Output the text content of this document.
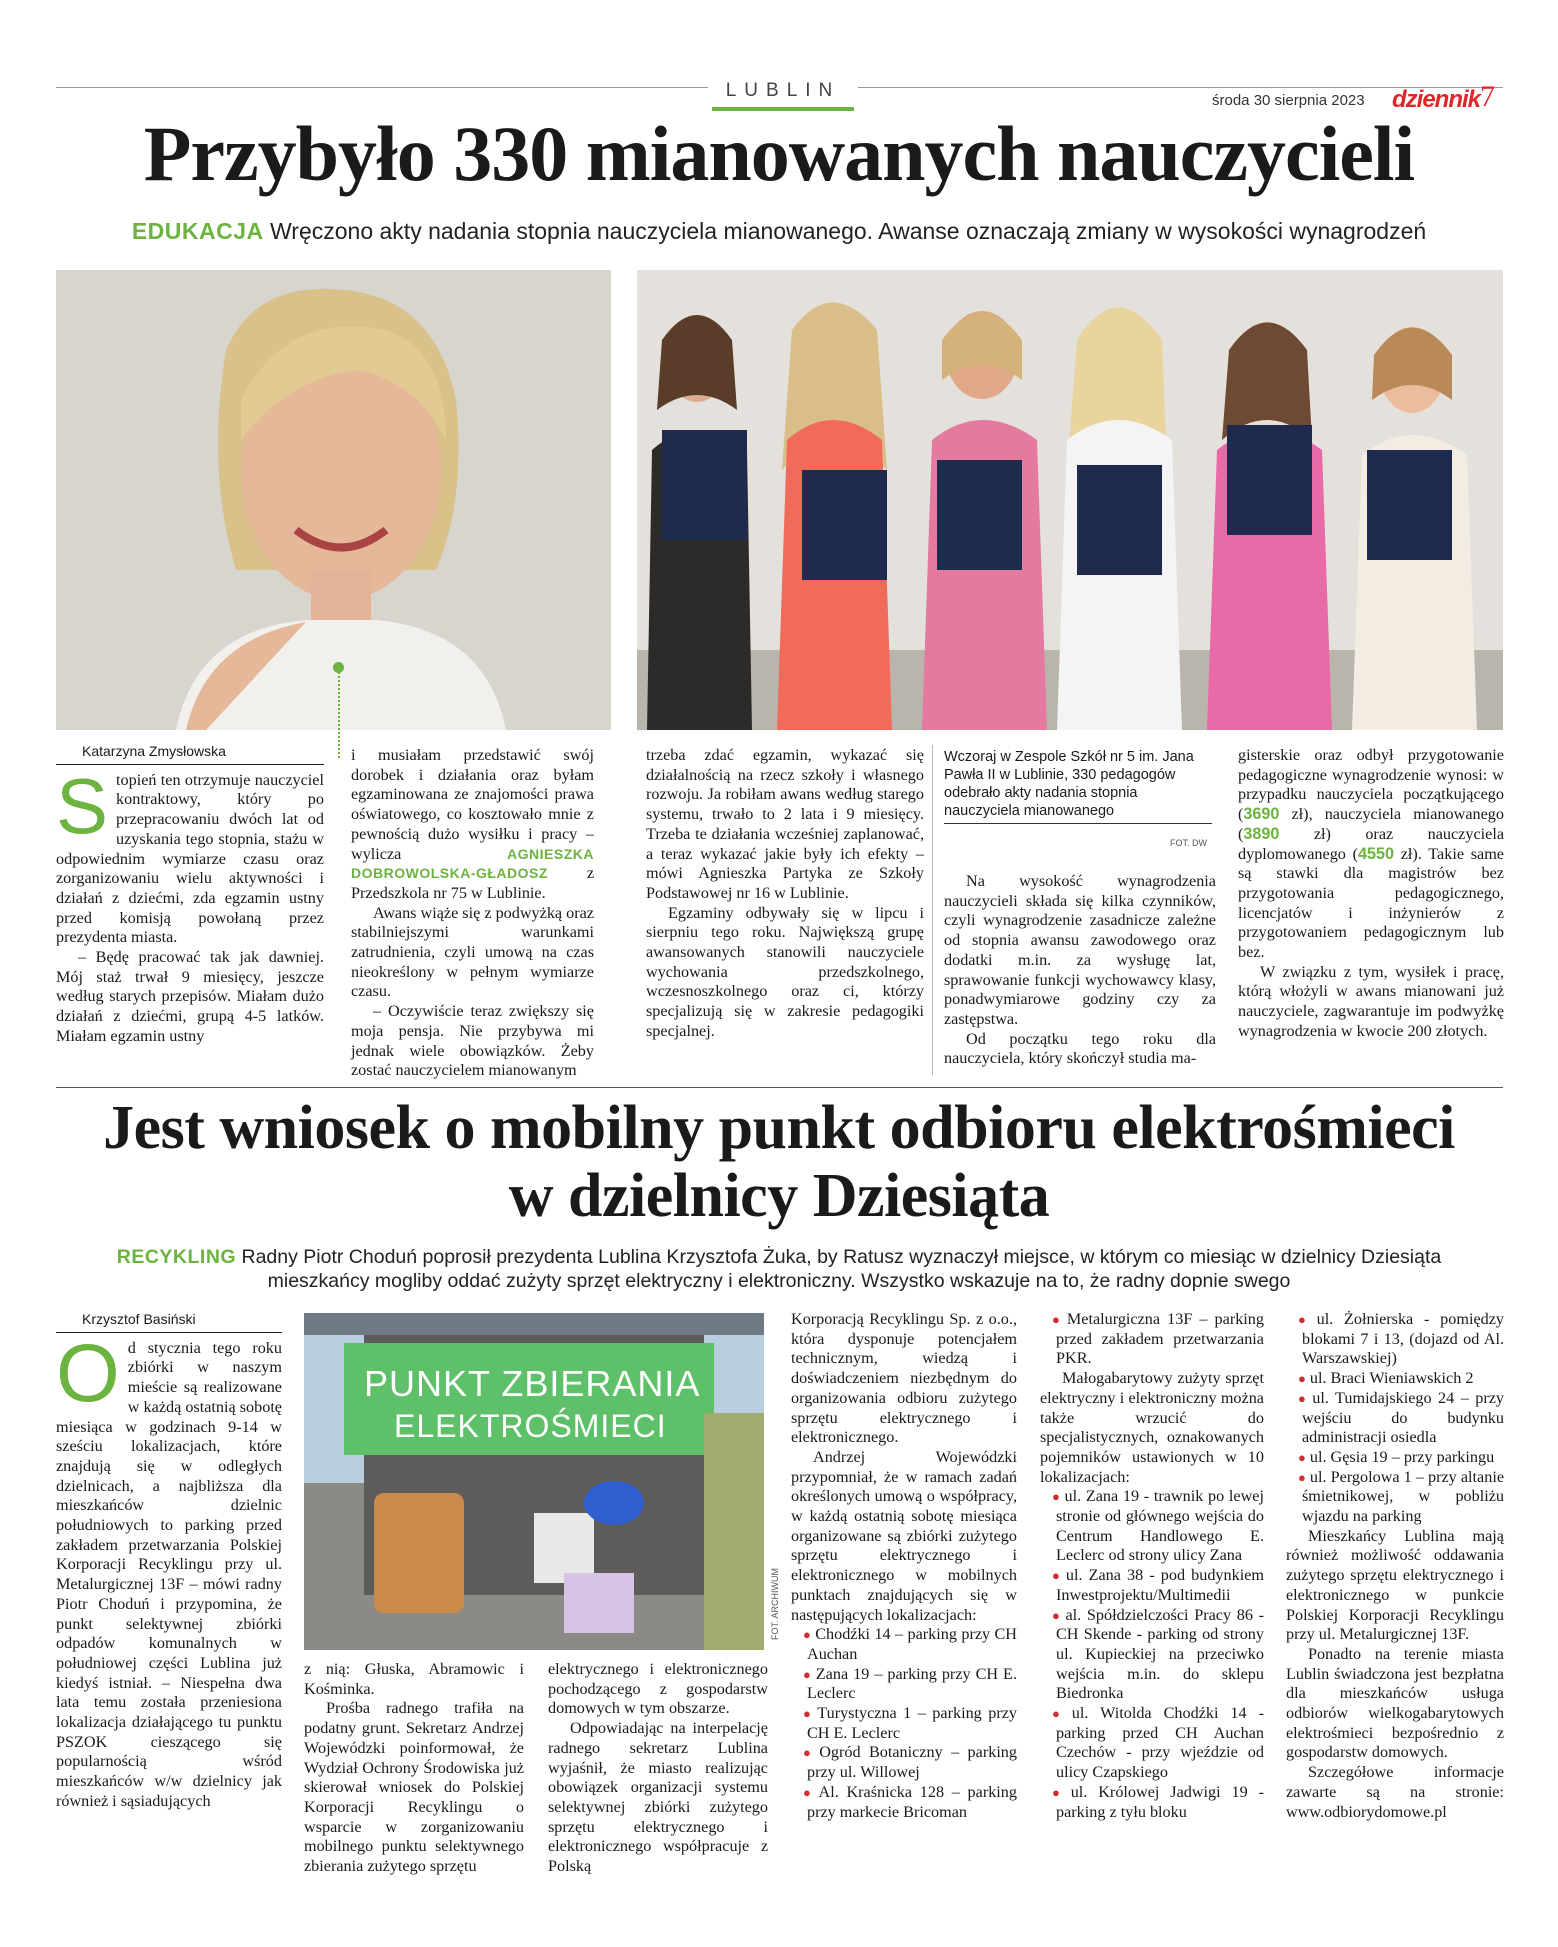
LUBLIN	środa 30 sierpnia 2023 dziennik 7
Przybyło 330 mianowanych nauczycieli
EDUKACJA Wręczono akty nadania stopnia nauczyciela mianowanego. Awanse oznaczają zmiany w wysokości wynagrodzeń
Katarzyna Zmysłowska

Stopień ten otrzymuje nauczyciel kontraktowy, który po przepracowaniu dwóch lat od uzyskania tego stopnia, stażu w odpowiednim wymiarze czasu oraz zorganizowaniu wielu aktywności i działań z dziećmi, zda egzamin ustny przed komisją powołaną przez prezydenta miasta.

– Będę pracować tak jak dawniej. Mój staż trwał 9 miesięcy, jeszcze według starych przepisów. Miałam dużo działań z dziećmi, grupą 4-5 latków. Miałam egzamin ustny

i musiałam przedstawić swój dorobek i działania oraz byłam egzaminowana ze znajomości prawa oświatowego, co kosztowało mnie z pewnością dużo wysiłku i pracy – wylicza AGNIESZKA DOBROWOLSKA-GŁADOSZ z Przedszkola nr 75 w Lublinie.

Awans wiąże się z podwyżką oraz stabilniejszymi warunkami zatrudnienia, czyli umową na czas nieokreślony w pełnym wymiarze czasu.

– Oczywiście teraz zwiększy się moja pensja. Nie przybywa mi jednak wiele obowiązków. Żeby zostać nauczycielem mianowanym

trzeba zdać egzamin, wykazać się działalnością na rzecz szkoły i własnego rozwoju. Ja robiłam awans według starego systemu, trwało to 2 lata i 9 miesięcy. Trzeba te działania wcześniej zaplanować, a teraz wykazać jakie były ich efekty – mówi Agnieszka Partyka ze Szkoły Podstawowej nr 16 w Lublinie.

Egzaminy odbywały się w lipcu i sierpniu tego roku. Największą grupę awansowanych stanowili nauczyciele wychowania przedszkolnego, wczesnoszkolnego oraz ci, którzy specjalizują się w zakresie pedagogiki specjalnej.

Wczoraj w Zespole Szkół nr 5 im. Jana Pawła II w Lublinie, 330 pedagogów odebrało akty nadania stopnia nauczyciela mianowanego
FOT. DW

Na wysokość wynagrodzenia nauczycieli składa się kilka czynników, czyli wynagrodzenie zasadnicze zależne od stopnia awansu zawodowego oraz dodatki m.in. za wysługę lat, sprawowanie funkcji wychowawcy klasy, ponadwymiarowe godziny czy za zastępstwa.

Od początku tego roku dla nauczyciela, który skończył studia ma-

gisterskie oraz odbył przygotowanie pedagogiczne wynagrodzenie wynosi: w przypadku nauczyciela początkującego (3690 zł), nauczyciela mianowanego (3890 zł) oraz nauczyciela dyplomowanego (4550 zł). Takie same są stawki dla magistrów bez przygotowania pedagogicznego, licencjatów i inżynierów z przygotowaniem pedagogicznym lub bez.

W związku z tym, wysiłek i pracę, którą włożyli w awans mianowani już nauczyciele, zagwarantuje im podwyżkę wynagrodzenia w kwocie 200 złotych.

Jest wniosek o mobilny punkt odbioru elektrośmieci
w dzielnicy Dziesiąta
RECYKLING Radny Piotr Choduń poprosił prezydenta Lublina Krzysztofa Żuka, by Ratusz wyznaczył miejsce, w którym co miesiąc w dzielnicy Dziesiąta
mieszkańcy mogliby oddać zużyty sprzęt elektryczny i elektroniczny. Wszystko wskazuje na to, że radny dopnie swego
PUNKT ZBIERANIA
ELEKTROŚMIECI
FOT. ARCHIWUM
Krzysztof Basiński

Od stycznia tego roku zbiórki w naszym mieście są realizowane w każdą ostatnią sobotę miesiąca w godzinach 9-14 w sześciu lokalizacjach, które znajdują się w odległych dzielnicach, a najbliższa dla mieszkańców dzielnic południowych to parking przed zakładem przetwarzania Polskiej Korporacji Recyklingu przy ul. Metalurgicznej 13F – mówi radny Piotr Choduń i przypomina, że punkt selektywnej zbiórki odpadów komunalnych w południowej części Lublina już kiedyś istniał. – Niespełna dwa lata temu została przeniesiona lokalizacja działającego tu punktu PSZOK cieszącego się popularnością wśród mieszkańców w/w dzielnicy jak również i sąsiadujących

z nią: Głuska, Abramowic i Kośminka.

Prośba radnego trafiła na podatny grunt. Sekretarz Andrzej Wojewódzki poinformował, że Wydział Ochrony Środowiska już skierował wniosek do Polskiej Korporacji Recyklingu o wsparcie w zorganizowaniu mobilnego punktu selektywnego zbierania zużytego sprzętu

elektrycznego i elektronicznego pochodzącego z gospodarstw domowych w tym obszarze.

Odpowiadając na interpelację radnego sekretarz Lublina wyjaśnił, że miasto realizując obowiązek organizacji systemu selektywnej zbiórki zużytego sprzętu elektrycznego i elektronicznego współpracuje z Polską

Korporacją Recyklingu Sp. z o.o., która dysponuje potencjałem technicznym, wiedzą i doświadczeniem niezbędnym do organizowania odbioru zużytego sprzętu elektrycznego i elektronicznego.

Andrzej Wojewódzki przypomniał, że w ramach zadań określonych umową o współpracy, w każdą ostatnią sobotę miesiąca organizowane są zbiórki zużytego sprzętu elektrycznego i elektronicznego w mobilnych punktach znajdujących się w następujących lokalizacjach:

● Chodźki 14 – parking przy CH Auchan

● Zana 19 – parking przy CH E. Leclerc

● Turystyczna 1 – parking przy CH E. Leclerc

● Ogród Botaniczny – parking przy ul. Willowej

● Al. Kraśnicka 128 – parking przy markecie Bricoman

● Metalurgiczna 13F – parking przed zakładem przetwarzania PKR.

Małogabarytowy zużyty sprzęt elektryczny i elektroniczny można także wrzucić do specjalistycznych, oznakowanych pojemników ustawionych w 10 lokalizacjach:

● ul. Zana 19 - trawnik po lewej stronie od głównego wejścia do Centrum Handlowego E. Leclerc od strony ulicy Zana

● ul. Zana 38 - pod budynkiem Inwestprojektu/Multimedii

● al. Spółdzielczości Pracy 86 - CH Skende - parking od strony ul. Kupieckiej na przeciwko wejścia m.in. do sklepu Biedronka

● ul. Witolda Chodźki 14 - parking przed CH Auchan Czechów - przy wjeździe od ulicy Czapskiego

● ul. Królowej Jadwigi 19 - parking z tyłu bloku

● ul. Żołnierska - pomiędzy blokami 7 i 13, (dojazd od Al. Warszawskiej)

● ul. Braci Wieniawskich 2

● ul. Tumidajskiego 24 – przy wejściu do budynku administracji osiedla

● ul. Gęsia 19 – przy parkingu

● ul. Pergolowa 1 – przy altanie śmietnikowej, w pobliżu wjazdu na parking

Mieszkańcy Lublina mają również możliwość oddawania zużytego sprzętu elektrycznego i elektronicznego w punkcie Polskiej Korporacji Recyklingu przy ul. Metalurgicznej 13F.

Ponadto na terenie miasta Lublin świadczona jest bezpłatna dla mieszkańców usługa odbiorów wielkogabarytowych elektrośmieci bezpośrednio z gospodarstw domowych.

Szczegółowe informacje zawarte są na stronie: www.odbiorydomowe.pl
